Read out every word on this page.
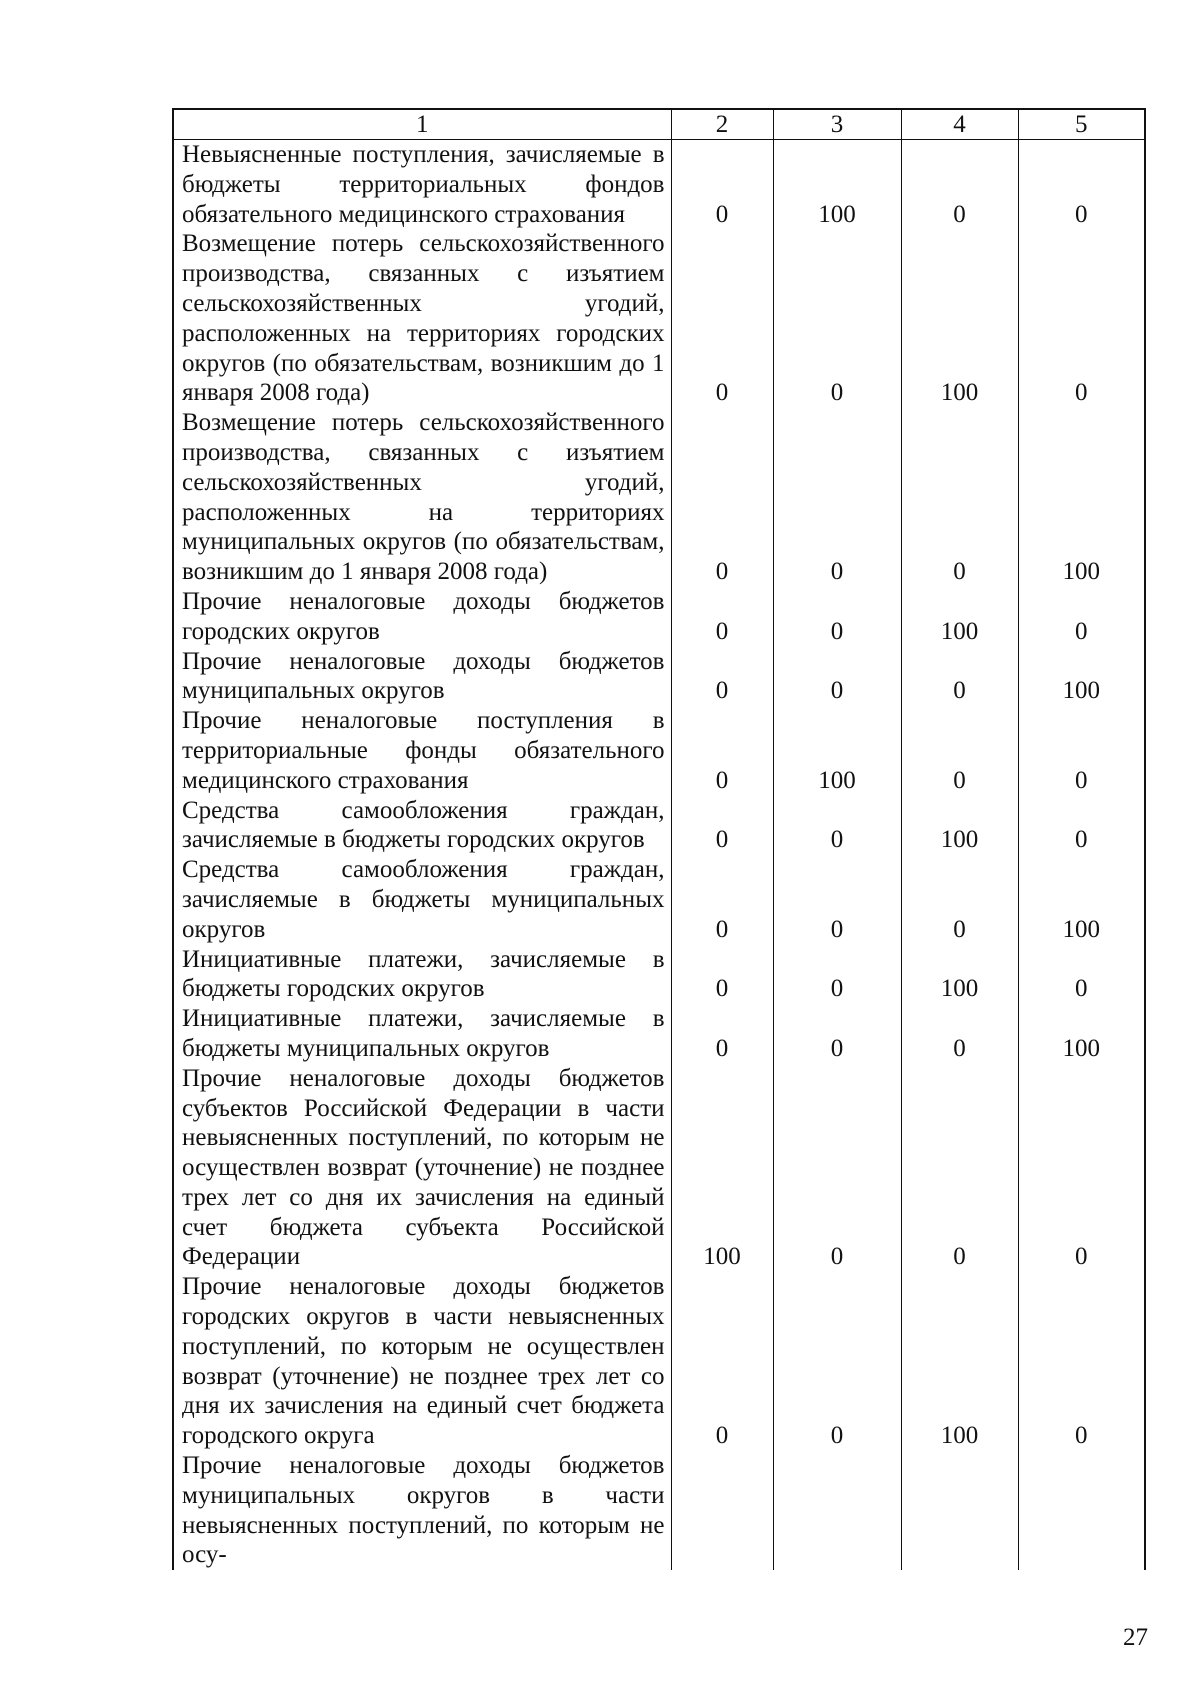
1	2	3	4	5
Невыясненные поступления, зачисляемые в бюджеты территориальных фондов обязательного медицинского страхования	0	100	0	0
Возмещение потерь сельскохозяйственного производства, связанных с изъятием сельскохозяйственных угодий, расположенных на территориях городских округов (по обязательствам, возникшим до 1 января 2008 года)	0	0	100	0
Возмещение потерь сельскохозяйственного производства, связанных с изъятием сельскохозяйственных угодий, расположенных на территориях муниципальных округов (по обязательствам, возникшим до 1 января 2008 года)	0	0	0	100
Прочие неналоговые доходы бюджетов городских округов	0	0	100	0
Прочие неналоговые доходы бюджетов муниципальных округов	0	0	0	100
Прочие неналоговые поступления в территориальные фонды обязательного медицинского страхования	0	100	0	0
Средства самообложения граждан, зачисляемые в бюджеты городских округов	0	0	100	0
Средства самообложения граждан, зачисляемые в бюджеты муниципальных округов	0	0	0	100
Инициативные платежи, зачисляемые в бюджеты городских округов	0	0	100	0
Инициативные платежи, зачисляемые в бюджеты муниципальных округов	0	0	0	100
Прочие неналоговые доходы бюджетов субъектов Российской Федерации в части невыясненных поступлений, по которым не осуществлен возврат (уточнение) не позднее трех лет со дня их зачисления на единый счет бюджета субъекта Российской Федерации	100	0	0	0
Прочие неналоговые доходы бюджетов городских округов в части невыясненных поступлений, по которым не осуществлен возврат (уточнение) не позднее трех лет со дня их зачисления на единый счет бюджета городского округа	0	0	100	0
Прочие неналоговые доходы бюджетов муниципальных округов в части невыясненных поступлений, по которым не осу-				
27
